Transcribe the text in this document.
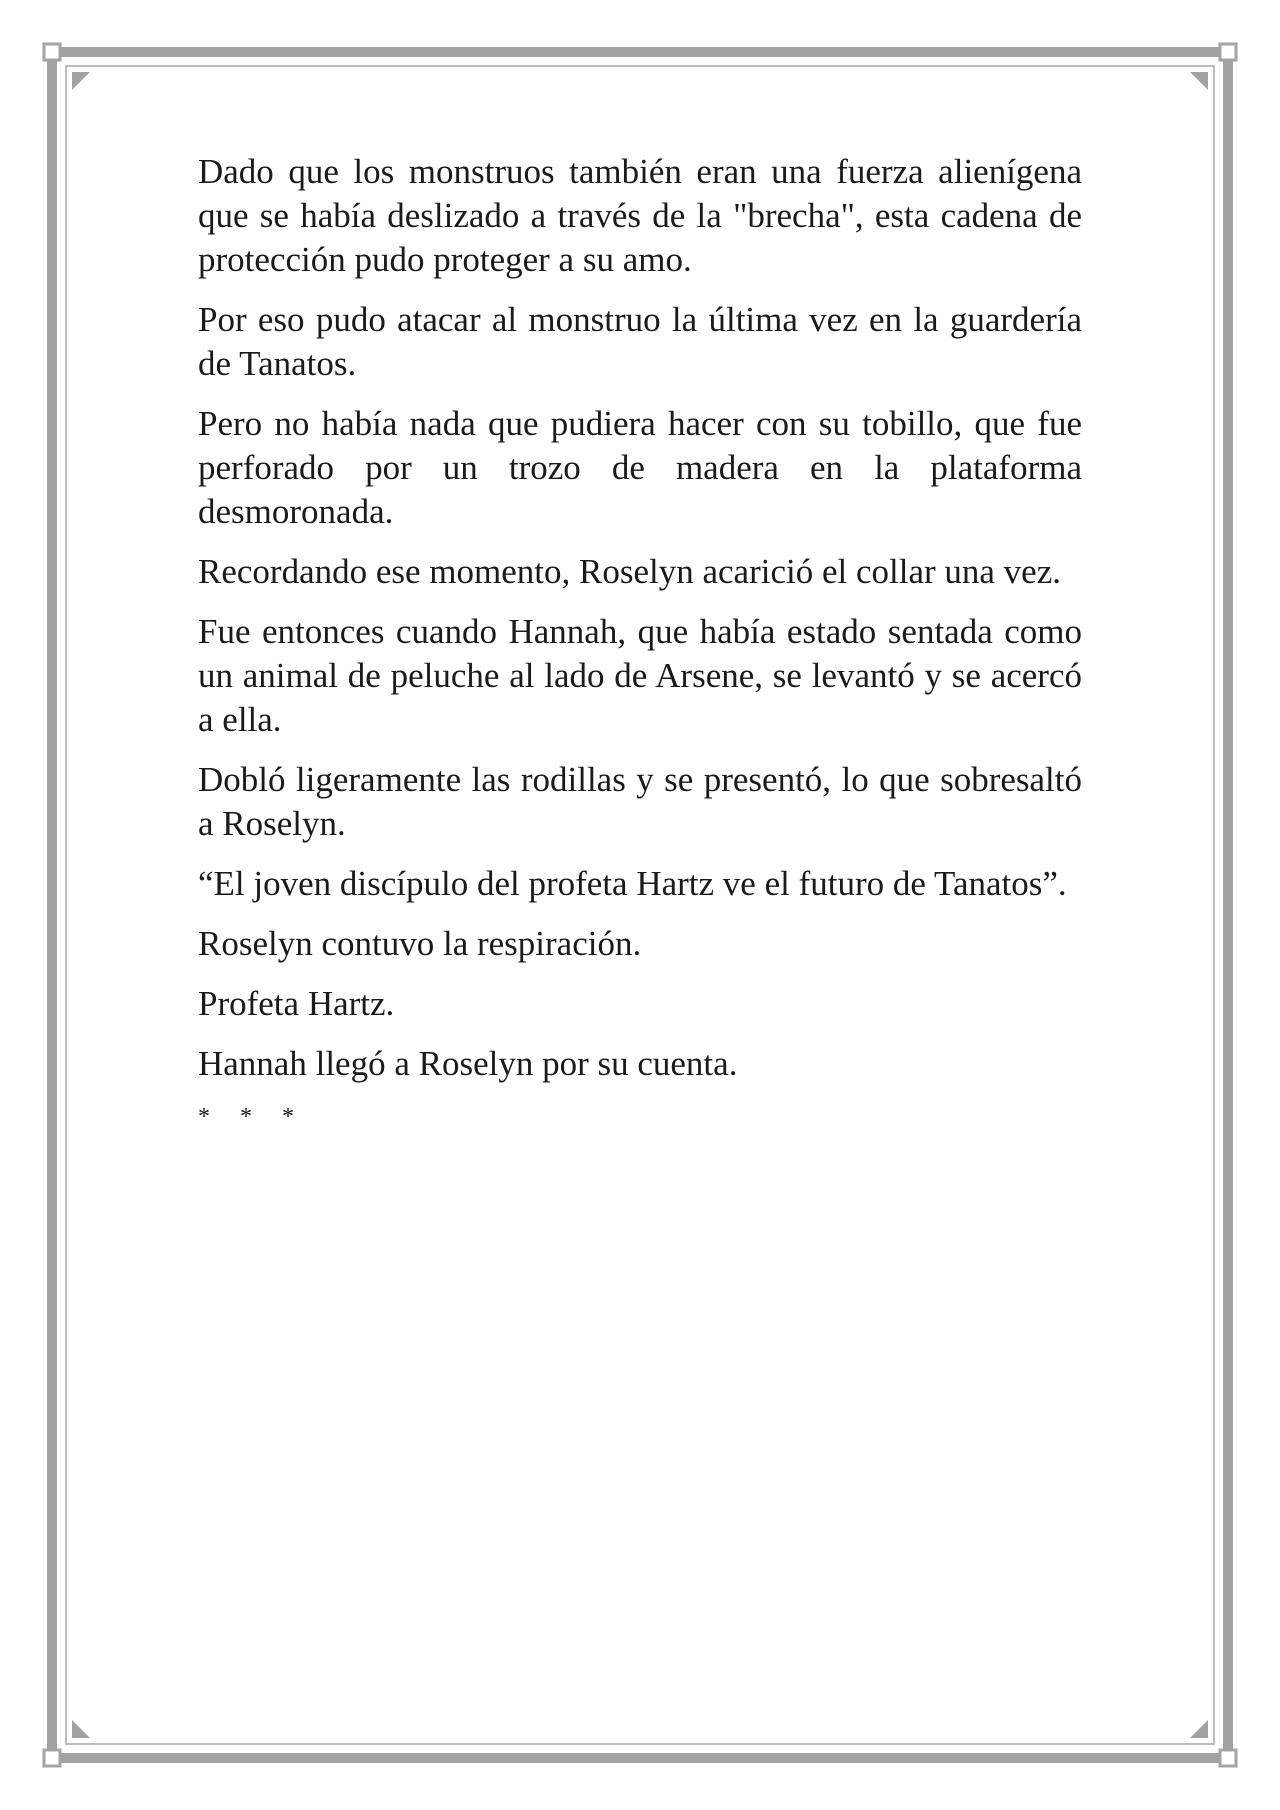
Dado que los monstruos también eran una fuerza alienígena que se había deslizado a través de la "brecha", esta cadena de protección pudo proteger a su amo.

Por eso pudo atacar al monstruo la última vez en la guardería de Tanatos.

Pero no había nada que pudiera hacer con su tobillo, que fue perforado por un trozo de madera en la plataforma desmoronada.

Recordando ese momento, Roselyn acarició el collar una vez.

Fue entonces cuando Hannah, que había estado sentada como un animal de peluche al lado de Arsene, se levantó y se acercó a ella.

Dobló ligeramente las rodillas y se presentó, lo que sobresaltó a Roselyn.

“El joven discípulo del profeta Hartz ve el futuro de Tanatos”.

Roselyn contuvo la respiración.

Profeta Hartz.

Hannah llegó a Roselyn por su cuenta.

* * *
